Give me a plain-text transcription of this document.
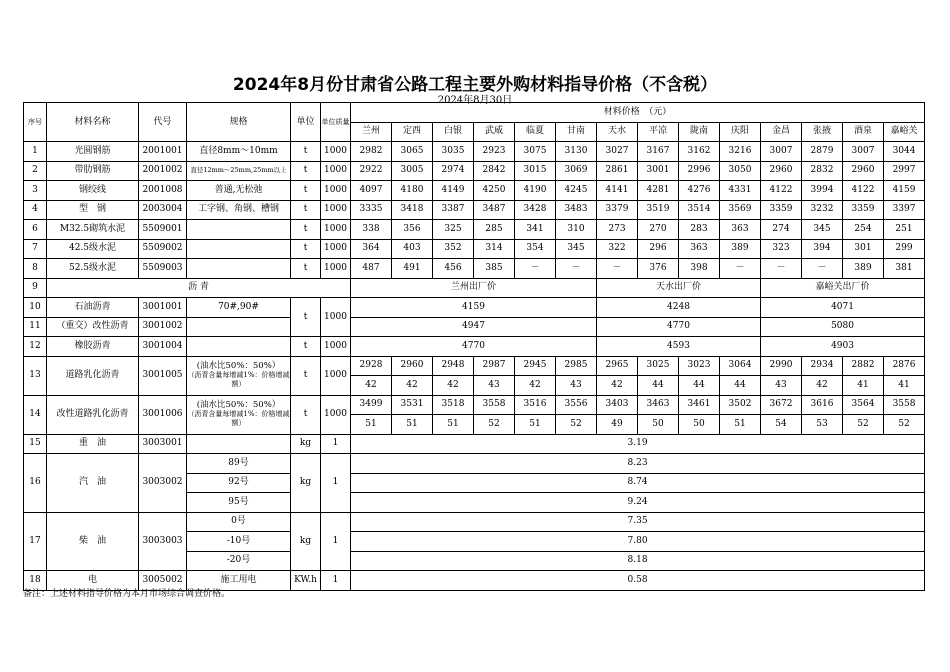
2024年8月份甘肃省公路工程主要外购材料指导价格（不含税）
2024年8月30日
序号	材料名称	代号	规格	单位	单位质量	材料价格　（元）													
						兰州	定西	白银	武威	临夏	甘南	天水	平凉	陇南	庆阳	金昌	张掖	酒泉	嘉峪关
1	光圆钢筋	2001001	直径8mm～10mm	t	1000	2982	3065	3035	2923	3075	3130	3027	3167	3162	3216	3007	2879	3007	3044
2	带肋钢筋	2001002	直径12mm～25mm,25mm以上	t	1000	2922	3005	2974	2842	3015	3069	2861	3001	2996	3050	2960	2832	2960	2997
3	钢绞线	2001008	普通,无松弛	t	1000	4097	4180	4149	4250	4190	4245	4141	4281	4276	4331	4122	3994	4122	4159
4	型　钢	2003004	工字钢、角钢、槽钢	t	1000	3335	3418	3387	3487	3428	3483	3379	3519	3514	3569	3359	3232	3359	3397
6	M32.5砌筑水泥	5509001		t	1000	338	356	325	285	341	310	273	270	283	363	274	345	254	251
7	42.5级水泥	5509002		t	1000	364	403	352	314	354	345	322	296	363	389	323	394	301	299
8	52.5级水泥	5509003		t	1000	487	491	456	385	－	－	－	376	398	－	－	－	389	381
9	沥 青					兰州出厂价						天水出厂价				嘉峪关出厂价			
10	石油沥青	3001001	70#,90#	t	1000	4159						4248				4071			
11	（重交）改性沥青	3001002				4947						4770				5080			
12	橡胶沥青	3001004		t	1000	4770						4593				4903			
13	道路乳化沥青	3001005	(油水比50%：50%）
（沥青含量每增减1%：价格增减额）	t	1000	2928	2960	2948	2987	2945	2985	2965	3025	3023	3064	2990	2934	2882	2876
						42	42	42	43	42	43	42	44	44	44	43	42	41	41
14	改性道路乳化沥青	3001006	(油水比50%：50%）
（沥青含量每增减1%：价格增减额）	t	1000	3499	3531	3518	3558	3516	3556	3403	3463	3461	3502	3672	3616	3564	3558
						51	51	51	52	51	52	49	50	50	51	54	53	52	52
15	重　油	3003001		kg	1	3.19													
16	汽　油	3003002	89号	kg	1	8.23													
			92号			8.74													
			95号			9.24													
17	柴　油	3003003	0号	kg	1	7.35													
			-10号			7.80													
			-20号			8.18													
18	电	3005002	施工用电	KW.h	1	0.58													
备注：上述材料指导价格为本月市场综合调查价格。
